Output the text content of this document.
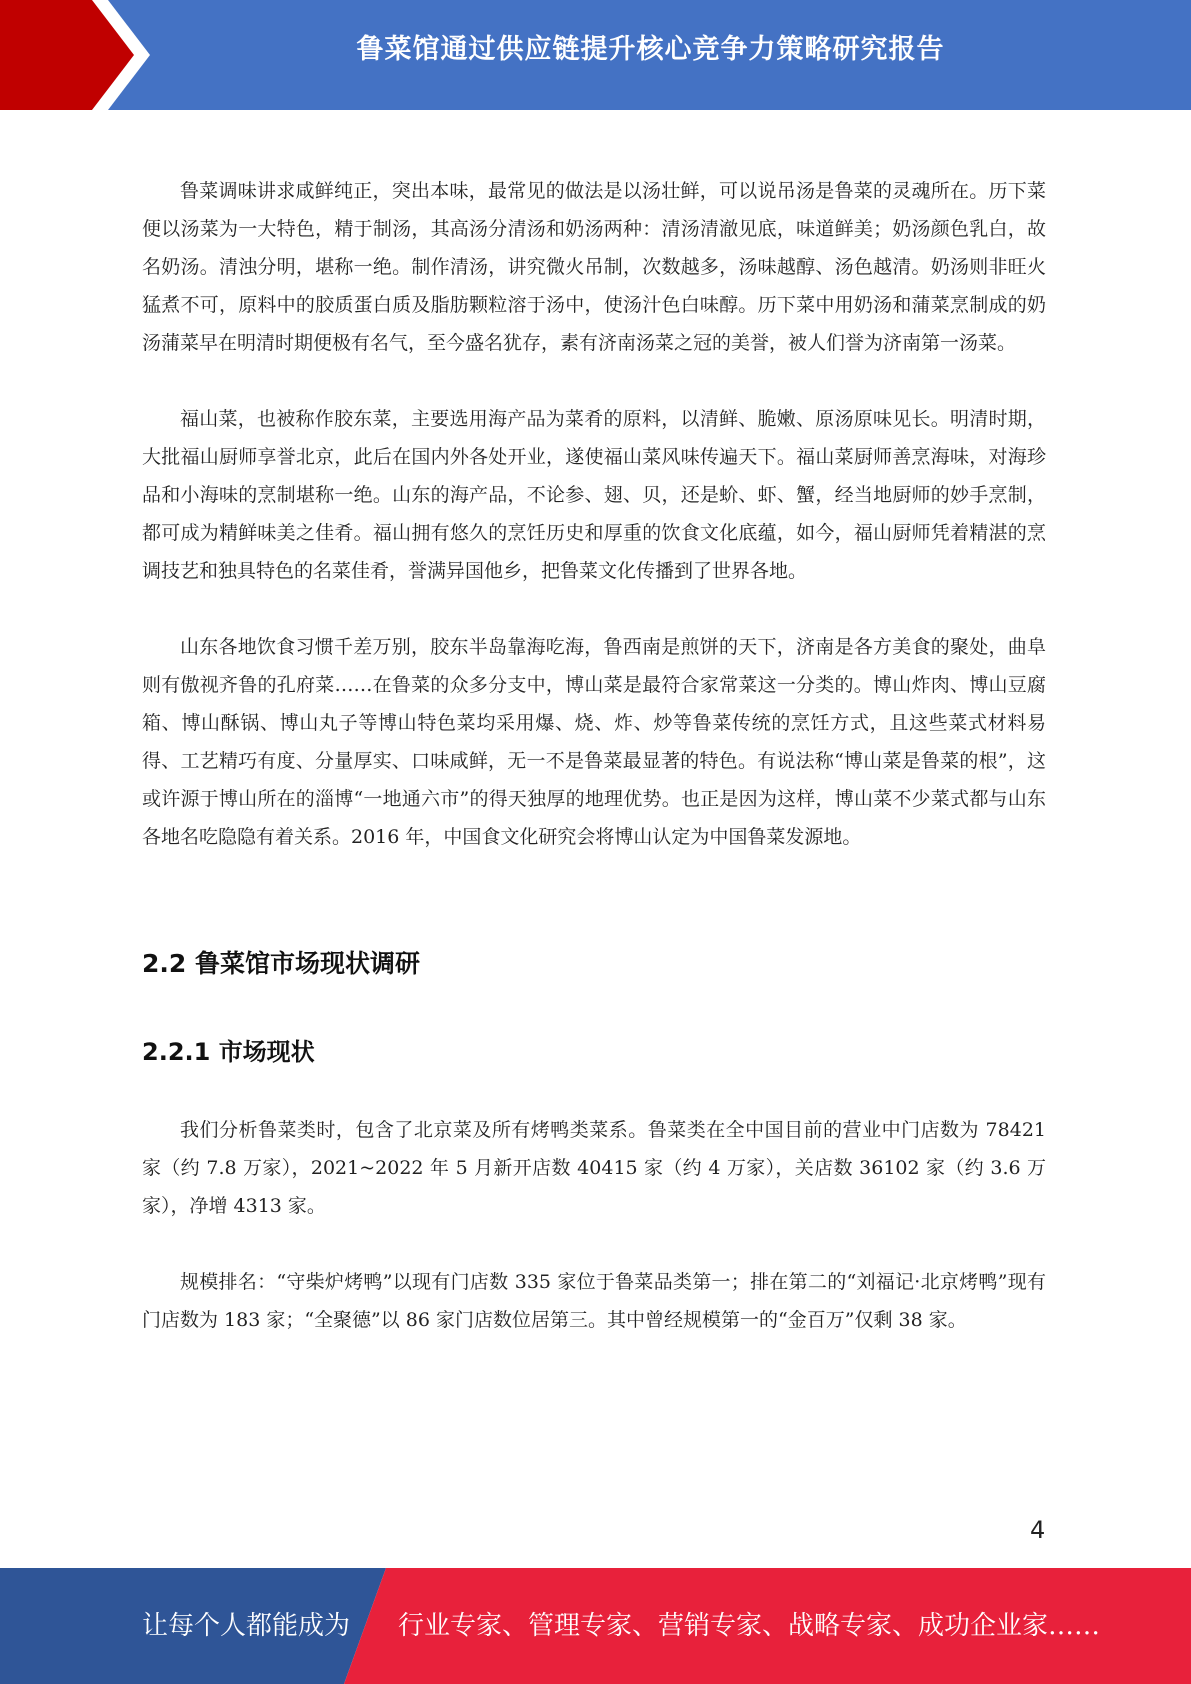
鲁菜馆通过供应链提升核心竞争力策略研究报告

鲁菜调味讲求咸鲜纯正，突出本味，最常见的做法是以汤壮鲜，可以说吊汤是鲁菜的灵魂所在。历下菜便以汤菜为一大特色，精于制汤，其高汤分清汤和奶汤两种：清汤清澈见底，味道鲜美；奶汤颜色乳白，故名奶汤。清浊分明，堪称一绝。制作清汤，讲究微火吊制，次数越多，汤味越醇、汤色越清。奶汤则非旺火猛煮不可，原料中的胶质蛋白质及脂肪颗粒溶于汤中，使汤汁色白味醇。历下菜中用奶汤和蒲菜烹制成的奶汤蒲菜早在明清时期便极有名气，至今盛名犹存，素有济南汤菜之冠的美誉，被人们誉为济南第一汤菜。

福山菜，也被称作胶东菜，主要选用海产品为菜肴的原料，以清鲜、脆嫩、原汤原味见长。明清时期，大批福山厨师享誉北京，此后在国内外各处开业，遂使福山菜风味传遍天下。福山菜厨师善烹海味，对海珍品和小海味的烹制堪称一绝。山东的海产品，不论参、翅、贝，还是蚧、虾、蟹，经当地厨师的妙手烹制，都可成为精鲜味美之佳肴。福山拥有悠久的烹饪历史和厚重的饮食文化底蕴，如今，福山厨师凭着精湛的烹调技艺和独具特色的名菜佳肴，誉满异国他乡，把鲁菜文化传播到了世界各地。

山东各地饮食习惯千差万别，胶东半岛靠海吃海，鲁西南是煎饼的天下，济南是各方美食的聚处，曲阜则有傲视齐鲁的孔府菜……在鲁菜的众多分支中，博山菜是最符合家常菜这一分类的。博山炸肉、博山豆腐箱、博山酥锅、博山丸子等博山特色菜均采用爆、烧、炸、炒等鲁菜传统的烹饪方式，且这些菜式材料易得、工艺精巧有度、分量厚实、口味咸鲜，无一不是鲁菜最显著的特色。有说法称“博山菜是鲁菜的根”，这或许源于博山所在的淄博“一地通六市”的得天独厚的地理优势。也正是因为这样，博山菜不少菜式都与山东各地名吃隐隐有着关系。2016 年，中国食文化研究会将博山认定为中国鲁菜发源地。

2.2 鲁菜馆市场现状调研
2.2.1 市场现状

我们分析鲁菜类时，包含了北京菜及所有烤鸭类菜系。鲁菜类在全中国目前的营业中门店数为 78421 家（约 7.8 万家），2021~2022 年 5 月新开店数 40415 家（约 4 万家），关店数 36102 家（约 3.6 万家），净增 4313 家。

规模排名：“守柴炉烤鸭”以现有门店数 335 家位于鲁菜品类第一；排在第二的“刘福记·北京烤鸭”现有门店数为 183 家；“全聚德”以 86 家门店数位居第三。其中曾经规模第一的“金百万”仅剩 38 家。

4
让每个人都能成为 行业专家、管理专家、营销专家、战略专家、成功企业家……
